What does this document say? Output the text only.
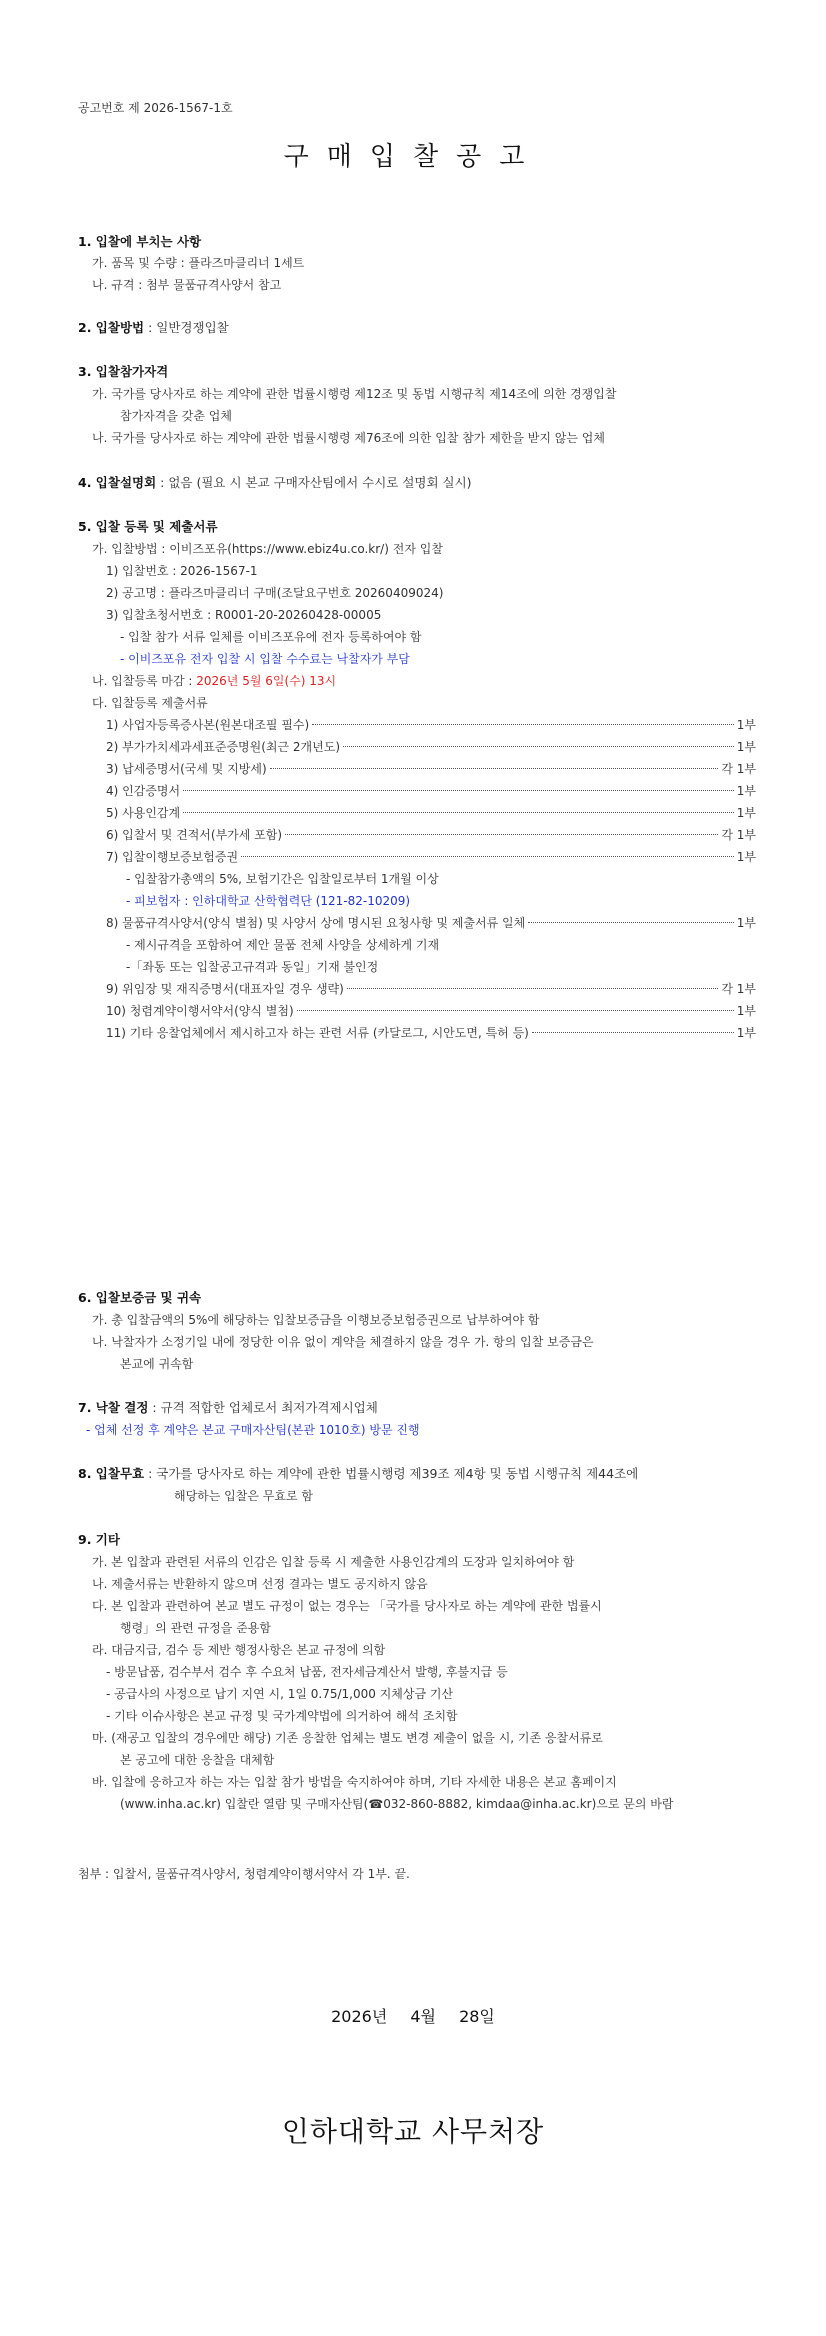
공고번호 제 2026-1567-1호
구매입찰공고
1. 입찰에 부치는 사항
가. 품목 및 수량 : 플라즈마클리너 1세트
나. 규격 : 첨부 물품규격사양서 참고
2. 입찰방법 : 일반경쟁입찰
3. 입찰참가자격
가. 국가를 당사자로 하는 계약에 관한 법률시행령 제12조 및 동법 시행규칙 제14조에 의한 경쟁입찰
참가자격을 갖춘 업체
나. 국가를 당사자로 하는 계약에 관한 법률시행령 제76조에 의한 입찰 참가 제한을 받지 않는 업체
4. 입찰설명회 : 없음 (필요 시 본교 구매자산팀에서 수시로 설명회 실시)
5. 입찰 등록 및 제출서류
가. 입찰방법 : 이비즈포유(https://www.ebiz4u.co.kr/) 전자 입찰
1) 입찰번호 : 2026-1567-1
2) 공고명 : 플라즈마클리너 구매(조달요구번호 20260409024)
3) 입찰초청서번호 : R0001-20-20260428-00005
- 입찰 참가 서류 일체를 이비즈포유에 전자 등록하여야 함
- 이비즈포유 전자 입찰 시 입찰 수수료는 낙찰자가 부담
나. 입찰등록 마감 : 2026년 5월 6일(수) 13시
다. 입찰등록 제출서류
1) 사업자등록증사본(원본대조필 필수)	1부
2) 부가가치세과세표준증명원(최근 2개년도)	1부
3) 납세증명서(국세 및 지방세)	각 1부
4) 인감증명서	1부
5) 사용인감계	1부
6) 입찰서 및 견적서(부가세 포함)	각 1부
7) 입찰이행보증보험증권	1부
- 입찰참가총액의 5%, 보험기간은 입찰일로부터 1개월 이상
- 피보험자 : 인하대학교 산학협력단 (121-82-10209)
8) 물품규격사양서(양식 별첨) 및 사양서 상에 명시된 요청사항 및 제출서류 일체	1부
- 제시규격을 포함하여 제안 물품 전체 사양을 상세하게 기재
-「좌동 또는 입찰공고규격과 동일」기재 불인정
9) 위임장 및 재직증명서(대표자일 경우 생략)	각 1부
10) 청렴계약이행서약서(양식 별첨)	1부
11) 기타 응찰업체에서 제시하고자 하는 관련 서류 (카달로그, 시안도면, 특허 등)	1부
6. 입찰보증금 및 귀속
가. 총 입찰금액의 5%에 해당하는 입찰보증금을 이행보증보험증권으로 납부하여야 함
나. 낙찰자가 소정기일 내에 정당한 이유 없이 계약을 체결하지 않을 경우 가. 항의 입찰 보증금은
본교에 귀속함
7. 낙찰 결정 : 규격 적합한 업체로서 최저가격제시업체
- 업체 선정 후 계약은 본교 구매자산팀(본관 1010호) 방문 진행
8. 입찰무효 : 국가를 당사자로 하는 계약에 관한 법률시행령 제39조 제4항 및 동법 시행규칙 제44조에
해당하는 입찰은 무효로 함
9. 기타
가. 본 입찰과 관련된 서류의 인감은 입찰 등록 시 제출한 사용인감계의 도장과 일치하여야 함
나. 제출서류는 반환하지 않으며 선정 결과는 별도 공지하지 않음
다. 본 입찰과 관련하여 본교 별도 규정이 없는 경우는 「국가를 당사자로 하는 계약에 관한 법률시
행령」의 관련 규정을 준용함
라. 대금지급, 검수 등 제반 행정사항은 본교 규정에 의함
- 방문납품, 검수부서 검수 후 수요처 납품, 전자세금계산서 발행, 후불지급 등
- 공급사의 사정으로 납기 지연 시, 1일 0.75/1,000 지체상금 기산
- 기타 이슈사항은 본교 규정 및 국가계약법에 의거하여 해석 조치함
마. (재공고 입찰의 경우에만 해당) 기존 응찰한 업체는 별도 변경 제출이 없을 시, 기존 응찰서류로
본 공고에 대한 응찰을 대체함
바. 입찰에 응하고자 하는 자는 입찰 참가 방법을 숙지하여야 하며, 기타 자세한 내용은 본교 홈페이지
(www.inha.ac.kr) 입찰란 열람 및 구매자산팀(☎032-860-8882, kimdaa@inha.ac.kr)으로 문의 바람
첨부 : 입찰서, 물품규격사양서, 청렴계약이행서약서 각 1부. 끝.
2026년 4월 28일
인하대학교 사무처장
